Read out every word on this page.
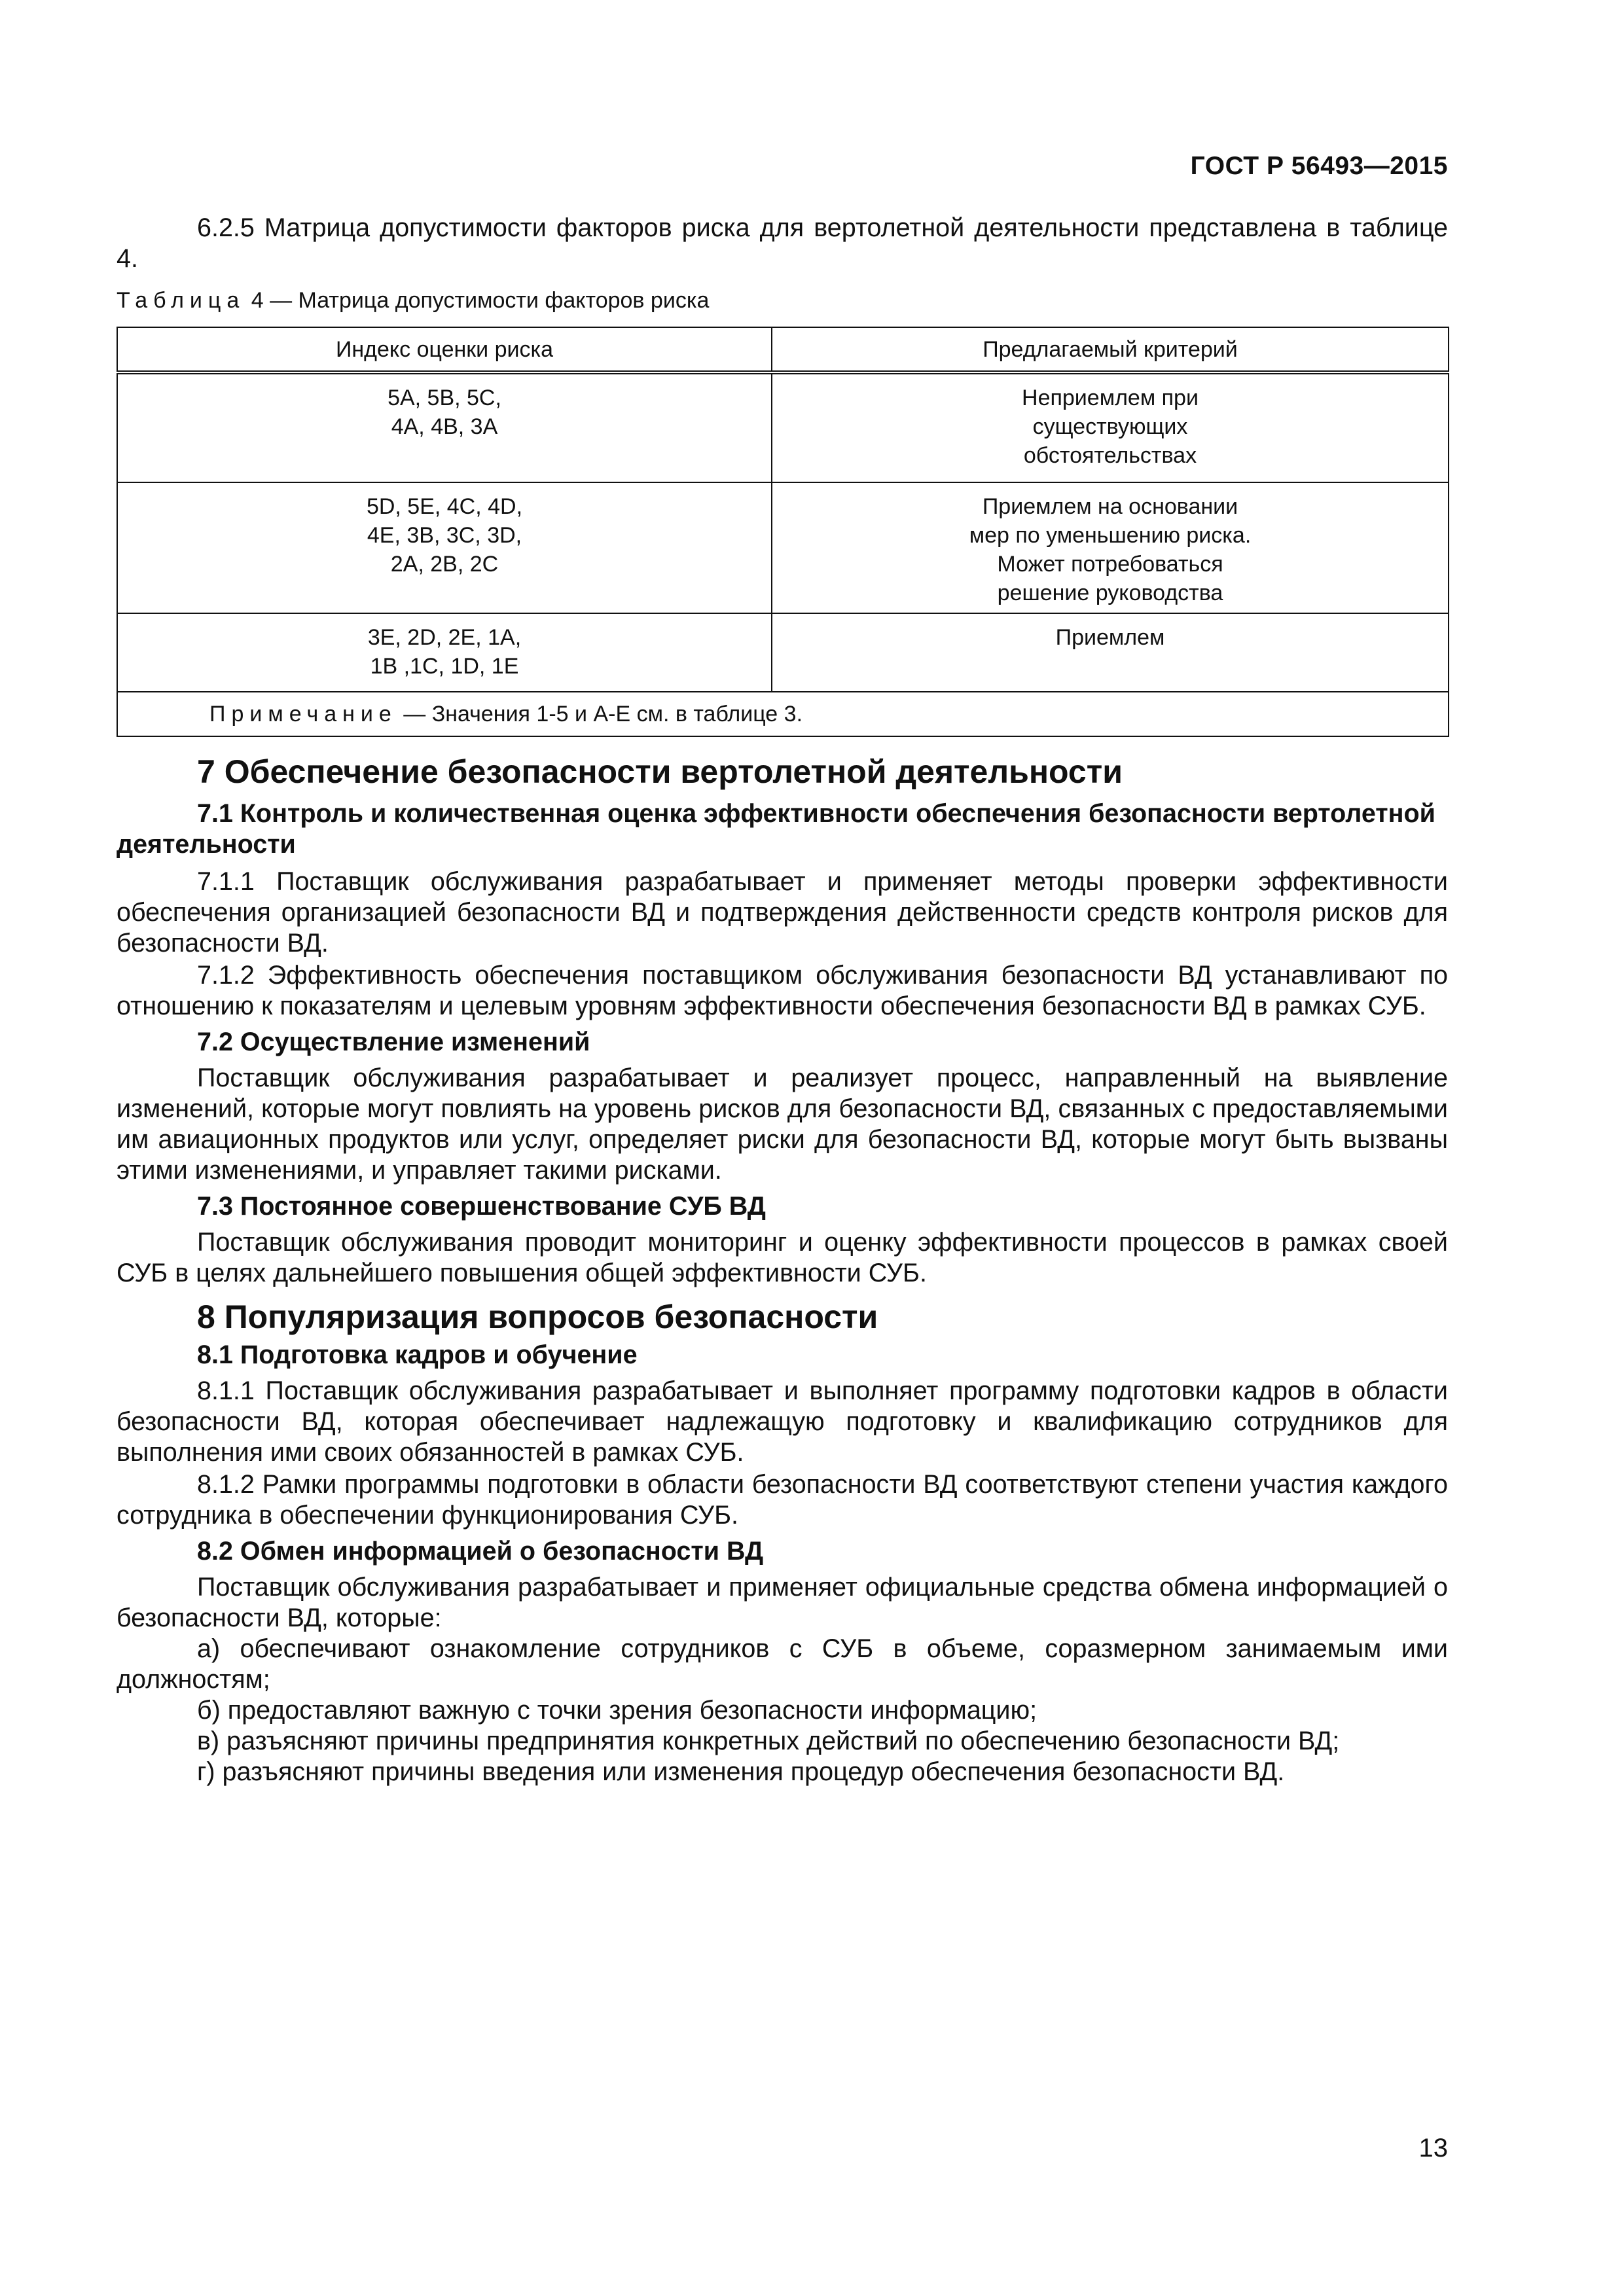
ГОСТ Р 56493—2015

6.2.5 Матрица допустимости факторов риска для вертолетной деятельности представлена в таблице 4.

Таблица 4 — Матрица допустимости факторов риска

Индекс оценки риска	Предлагаемый критерий

5A, 5B, 5C,
4A, 4B, 3A	Неприемлем при
существующих
обстоятельствах

5D, 5E, 4C, 4D,
4E, 3B, 3C, 3D,
2A, 2B, 2C	Приемлем на основании
мер по уменьшению риска.
Может потребоваться
решение руководства

3E, 2D, 2E, 1A,
1B ,1C, 1D, 1E	Приемлем

Примечание — Значения 1-5 и A-E см. в таблице 3.	
7 Обеспечение безопасности вертолетной деятельности

7.1 Контроль и количественная оценка эффективности обеспечения безопасности вертолетной деятельности

7.1.1 Поставщик обслуживания разрабатывает и применяет методы проверки эффективности обеспечения организацией безопасности ВД и подтверждения действенности средств контроля рисков для безопасности ВД.

7.1.2 Эффективность обеспечения поставщиком обслуживания безопасности ВД устанавливают по отношению к показателям и целевым уровням эффективности обеспечения безопасности ВД в рамках СУБ.

7.2 Осуществление изменений

Поставщик обслуживания разрабатывает и реализует процесс, направленный на выявление изменений, которые могут повлиять на уровень рисков для безопасности ВД, связанных с предоставляемыми им авиационных продуктов или услуг, определяет риски для безопасности ВД, которые могут быть вызваны этими изменениями, и управляет такими рисками.

7.3 Постоянное совершенствование СУБ ВД

Поставщик обслуживания проводит мониторинг и оценку эффективности процессов в рамках своей СУБ в целях дальнейшего повышения общей эффективности СУБ.

8 Популяризация вопросов безопасности

8.1 Подготовка кадров и обучение

8.1.1 Поставщик обслуживания разрабатывает и выполняет программу подготовки кадров в области безопасности ВД, которая обеспечивает надлежащую подготовку и квалификацию сотрудников для выполнения ими своих обязанностей в рамках СУБ.

8.1.2 Рамки программы подготовки в области безопасности ВД соответствуют степени участия каждого сотрудника в обеспечении функционирования СУБ.

8.2 Обмен информацией о безопасности ВД

Поставщик обслуживания разрабатывает и применяет официальные средства обмена информацией о безопасности ВД, которые:

а) обеспечивают ознакомление сотрудников с СУБ в объеме, соразмерном занимаемым ими должностям;

б) предоставляют важную с точки зрения безопасности информацию;

в) разъясняют причины предпринятия конкретных действий по обеспечению безопасности ВД;

г) разъясняют причины введения или изменения процедур обеспечения безопасности ВД.

13
